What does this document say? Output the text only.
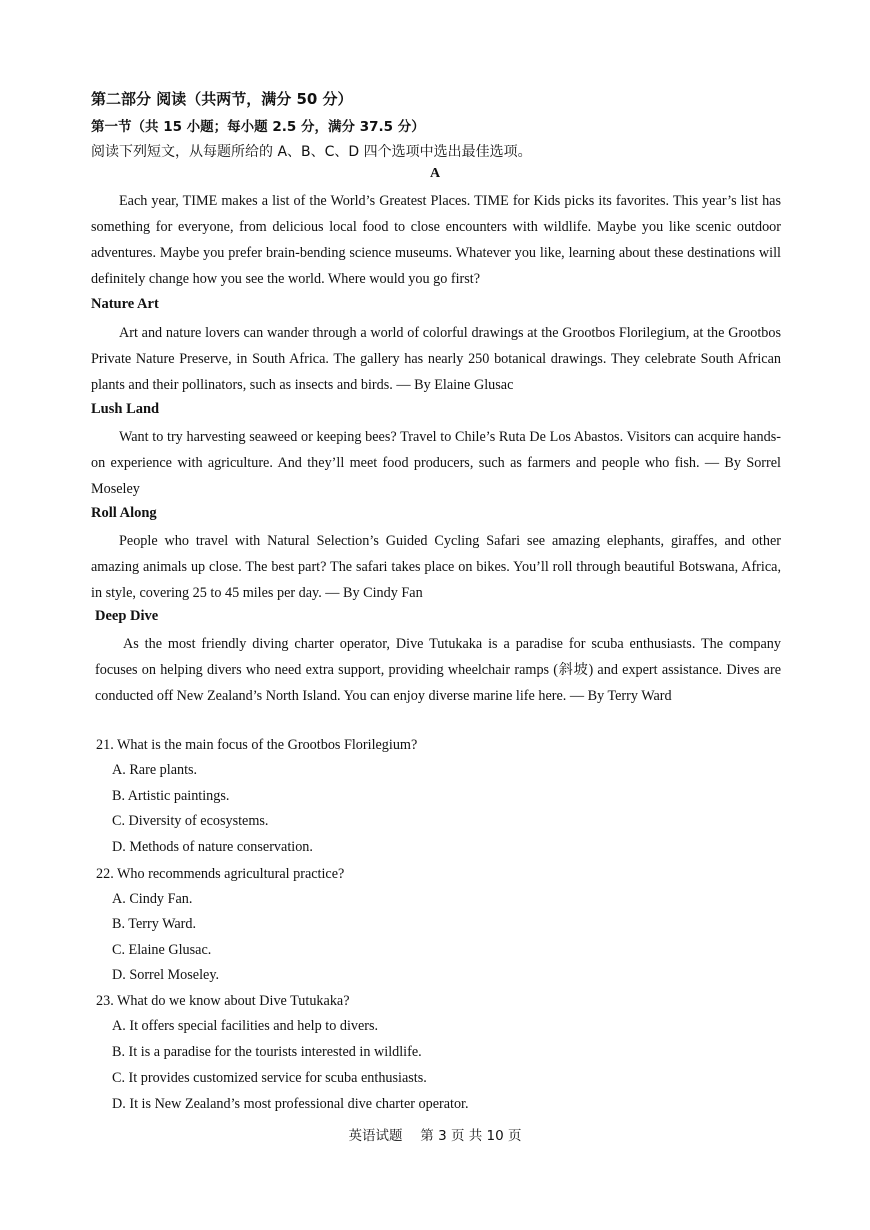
第二部分 阅读（共两节，满分 50 分）
第一节（共 15 小题；每小题 2.5 分，满分 37.5 分）
阅读下列短文，从每题所给的 A、B、C、D 四个选项中选出最佳选项。
A
Each year, TIME makes a list of the World’s Greatest Places. TIME for Kids picks its favorites. This year’s list has something for everyone, from delicious local food to close encounters with wildlife. Maybe you like scenic outdoor adventures. Maybe you prefer brain-bending science museums. Whatever you like, learning about these destinations will definitely change how you see the world. Where would you go first?
Nature Art
Art and nature lovers can wander through a world of colorful drawings at the Grootbos Florilegium, at the Grootbos Private Nature Preserve, in South Africa. The gallery has nearly 250 botanical drawings. They celebrate South African plants and their pollinators, such as insects and birds. — By Elaine Glusac
Lush Land
Want to try harvesting seaweed or keeping bees? Travel to Chile’s Ruta De Los Abastos. Visitors can acquire hands-on experience with agriculture. And they’ll meet food producers, such as farmers and people who fish. — By Sorrel Moseley
Roll Along
People who travel with Natural Selection’s Guided Cycling Safari see amazing elephants, giraffes, and other amazing animals up close. The best part? The safari takes place on bikes. You’ll roll through beautiful Botswana, Africa, in style, covering 25 to 45 miles per day. — By Cindy Fan
Deep Dive
As the most friendly diving charter operator, Dive Tutukaka is a paradise for scuba enthusiasts. The company focuses on helping divers who need extra support, providing wheelchair ramps (斜坡) and expert assistance. Dives are conducted off New Zealand’s North Island. You can enjoy diverse marine life here. — By Terry Ward
21. What is the main focus of the Grootbos Florilegium?
A. Rare plants.
B. Artistic paintings.
C. Diversity of ecosystems.
D. Methods of nature conservation.
22. Who recommends agricultural practice?
A. Cindy Fan.
B. Terry Ward.
C. Elaine Glusac.
D. Sorrel Moseley.
23. What do we know about Dive Tutukaka?
A. It offers special facilities and help to divers.
B. It is a paradise for the tourists interested in wildlife.
C. It provides customized service for scuba enthusiasts.
D. It is New Zealand’s most professional dive charter operator.
英语试题　 第 3 页 共 10 页
